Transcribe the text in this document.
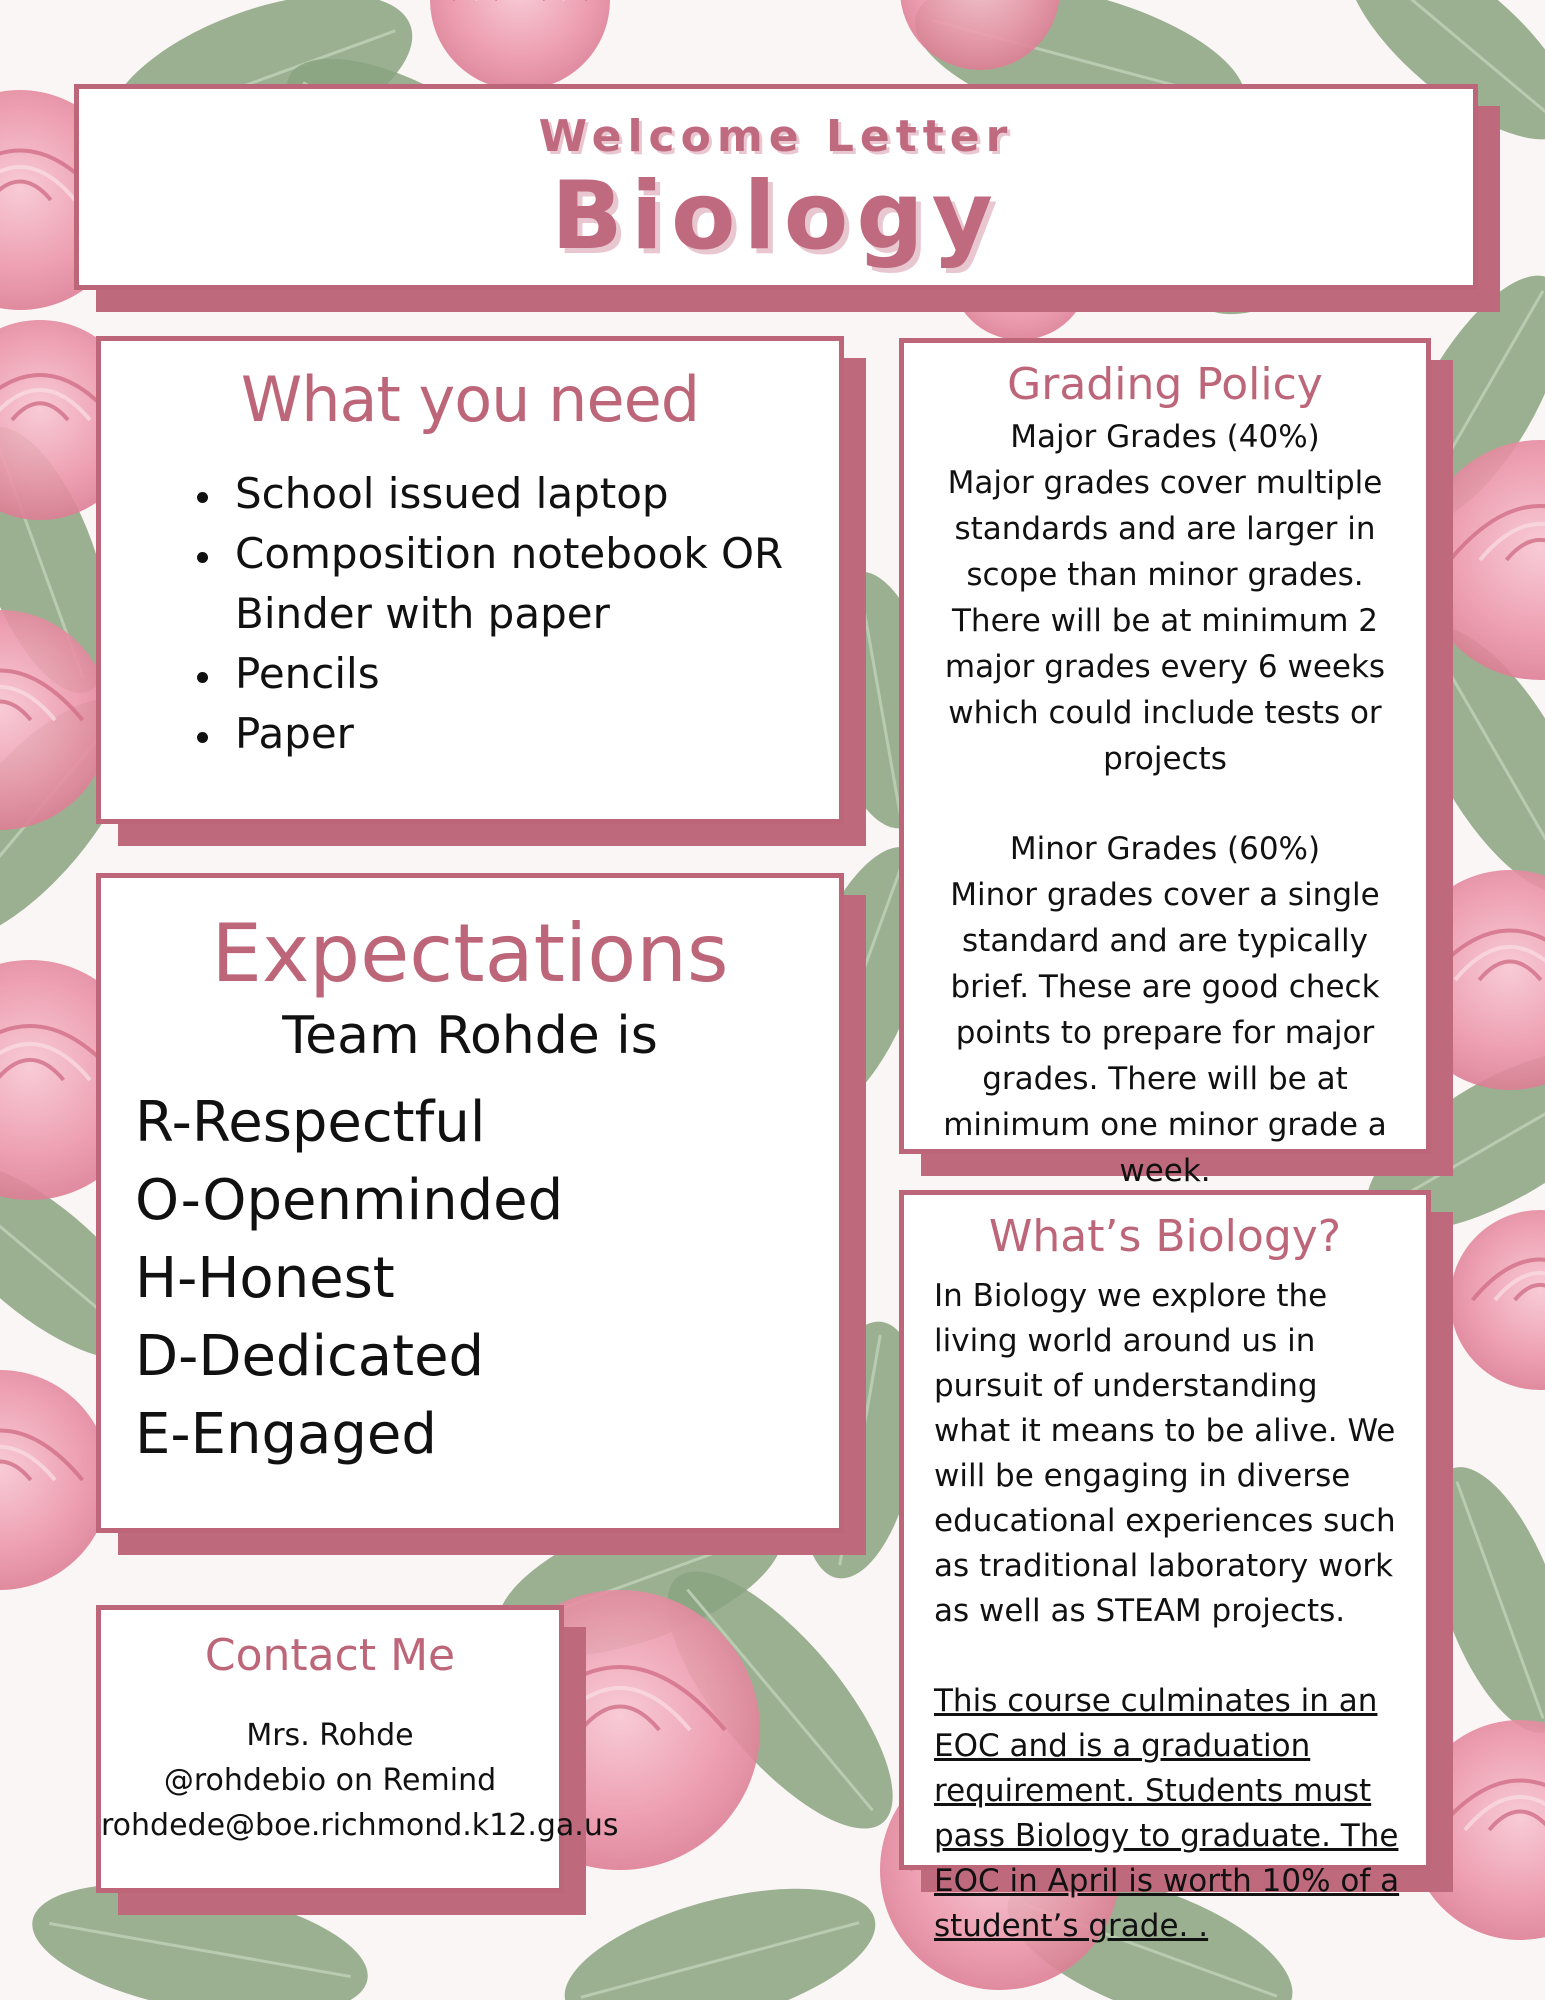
Welcome Letter
Biology
What you need
• School issued laptop
• Composition notebook OR Binder with paper
• Pencils
• Paper
Grading Policy
Major Grades (40%)
Major grades cover multiple standards and are larger in scope than minor grades. There will be at minimum 2 major grades every 6 weeks which could include tests or projects
Minor Grades (60%)
Minor grades cover a single standard and are typically brief. These are good check points to prepare for major grades. There will be at minimum one minor grade a week.
Expectations
Team Rohde is
R-Respectful
O-Openminded
H-Honest
D-Dedicated
E-Engaged
Contact Me
Mrs. Rohde
@rohdebio on Remind
rohdede@boe.richmond.k12.ga.us
What’s Biology?
In Biology we explore the living world around us in pursuit of understanding what it means to be alive. We will be engaging in diverse educational experiences such as traditional laboratory work as well as STEAM projects.
This course culminates in an EOC and is a graduation requirement. Students must pass Biology to graduate. The EOC in April is worth 10% of a student’s grade. .
